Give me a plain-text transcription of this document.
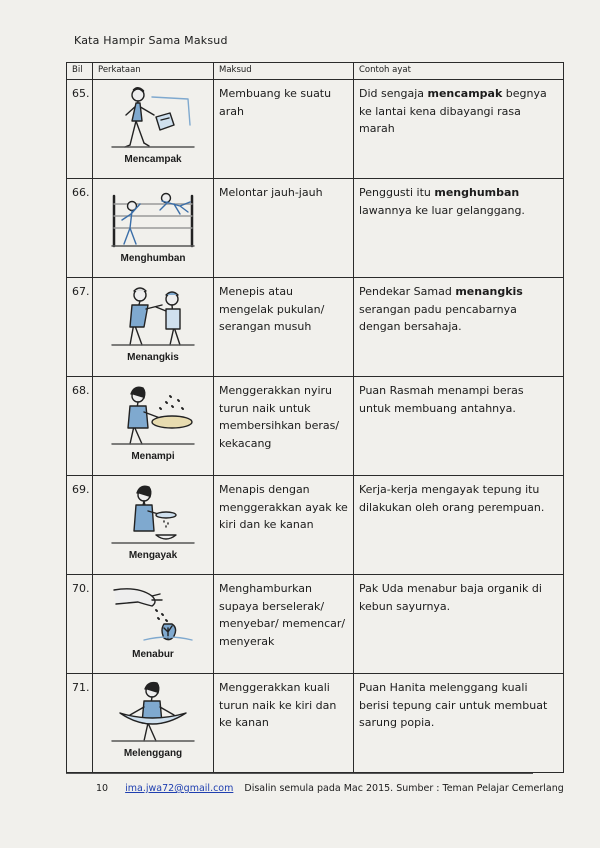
Kata Hampir Sama Maksud
Bil	Perkataan	Maksud	Contoh ayat
65.	Mencampak	Membuang ke suatu arah	Did sengaja mencampak begnya ke lantai kena dibayangi rasa marah
66.	Menghumban	Melontar jauh-jauh	Penggusti itu menghumban lawannya ke luar gelanggang.
67.	Menangkis	Menepis atau mengelak pukulan/ serangan musuh	Pendekar Samad menangkis serangan padu pencabarnya dengan bersahaja.
68.	Menampi	Menggerakkan nyiru turun naik untuk membersihkan beras/ kekacang	Puan Rasmah menampi beras untuk membuang antahnya.
69.	Mengayak	Menapis dengan menggerakkan ayak ke kiri dan ke kanan	Kerja-kerja mengayak tepung itu dilakukan oleh orang perempuan.
70.	Menabur	Menghamburkan supaya berselerak/ menyebar/ memencar/ menyerak	Pak Uda menabur baja organik di kebun sayurnya.
71.	Melenggang	Menggerakkan kuali turun naik ke kiri dan ke kanan	Puan Hanita melenggang kuali berisi tepung cair untuk membuat sarung popia.
10 ima.jwa72@gmail.com Disalin semula pada Mac 2015. Sumber : Teman Pelajar Cemerlang
